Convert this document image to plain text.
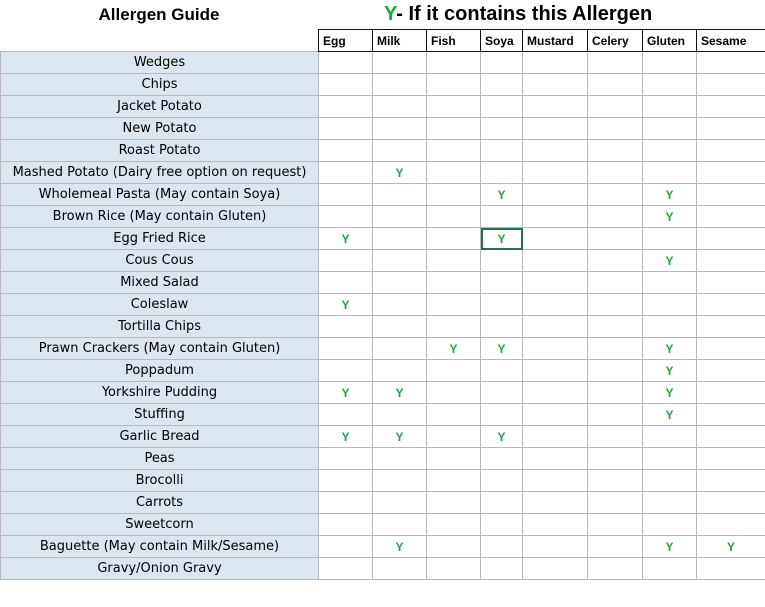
Allergen Guide	Y- If it contains this Allergen
	Egg	Milk	Fish	Soya	Mustard	Celery	Gluten	Sesame
Wedges								
Chips								
Jacket Potato								
New Potato								
Roast Potato								
Mashed Potato (Dairy free option on request)		Y						
Wholemeal Pasta (May contain Soya)				Y			Y	
Brown Rice (May contain Gluten)							Y	
Egg Fried Rice	Y			Y				
Cous Cous							Y	
Mixed Salad								
Coleslaw	Y							
Tortilla Chips								
Prawn Crackers (May contain Gluten)			Y	Y			Y	
Poppadum							Y	
Yorkshire Pudding	Y	Y					Y	
Stuffing							Y	
Garlic Bread	Y	Y		Y				
Peas								
Brocolli								
Carrots								
Sweetcorn								
Baguette (May contain Milk/Sesame)		Y					Y	Y
Gravy/Onion Gravy								
